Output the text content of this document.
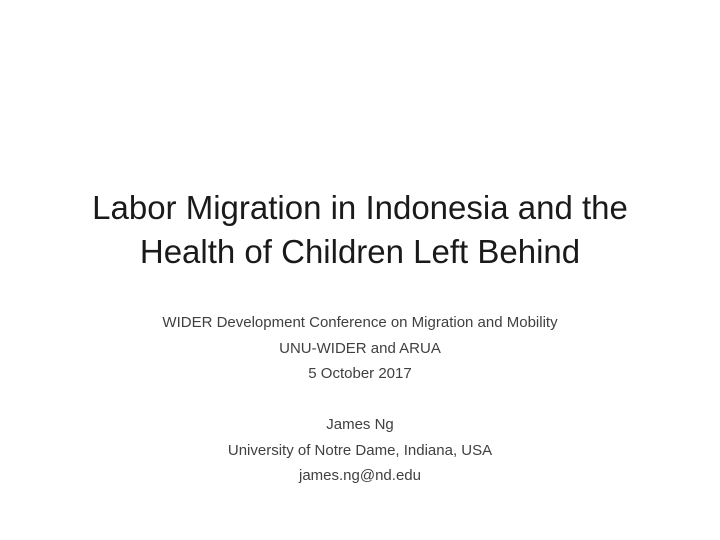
Labor Migration in Indonesia and the
Health of Children Left Behind
WIDER Development Conference on Migration and Mobility
UNU-WIDER and ARUA
5 October 2017
James Ng
University of Notre Dame, Indiana, USA
james.ng@nd.edu
